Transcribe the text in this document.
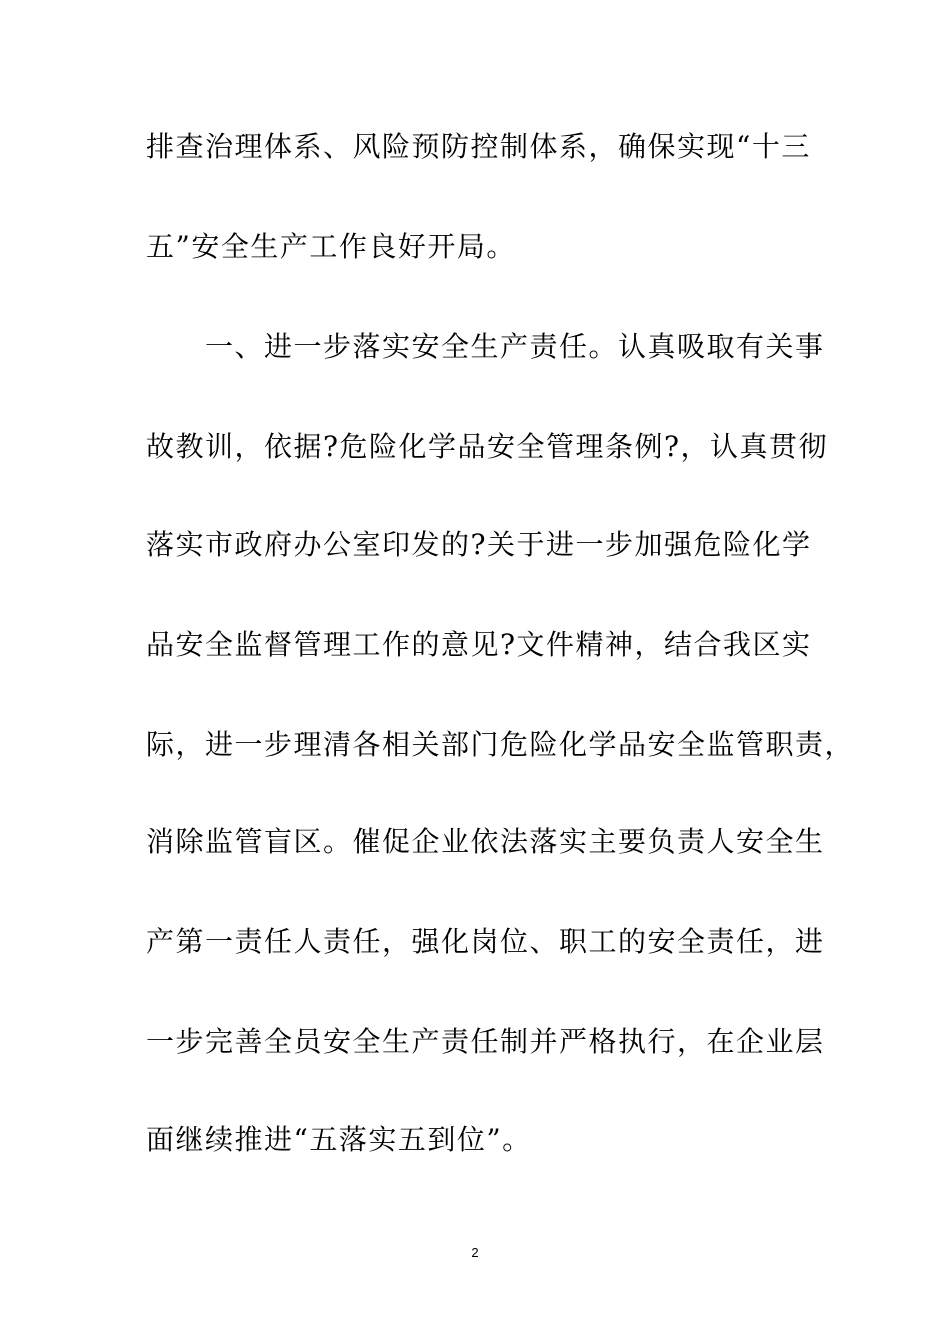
排查治理体系、风险预防控制体系，确保实现“十三
五”安全生产工作良好开局。
　　一、进一步落实安全生产责任。认真吸取有关事
故教训，依据?危险化学品安全管理条例?，认真贯彻
落实市政府办公室印发的?关于进一步加强危险化学
品安全监督管理工作的意见?文件精神，结合我区实
际，进一步理清各相关部门危险化学品安全监管职责，
消除监管盲区。催促企业依法落实主要负责人安全生
产第一责任人责任，强化岗位、职工的安全责任，进
一步完善全员安全生产责任制并严格执行，在企业层
面继续推进“五落实五到位”。
2
